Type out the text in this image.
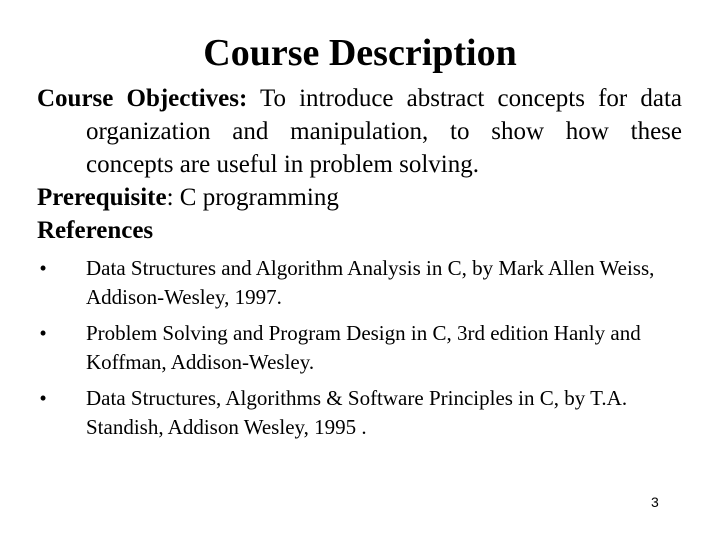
Course Description
Course Objectives: To introduce abstract concepts for data organization and manipulation, to show how these concepts are useful in problem solving.
Prerequisite: C programming
References
• Data Structures and Algorithm Analysis in C, by Mark Allen Weiss, Addison-Wesley, 1997.
• Problem Solving and Program Design in C, 3rd edition Hanly and Koffman, Addison-Wesley.
• Data Structures, Algorithms & Software Principles in C, by T.A. Standish, Addison Wesley, 1995 .
3
